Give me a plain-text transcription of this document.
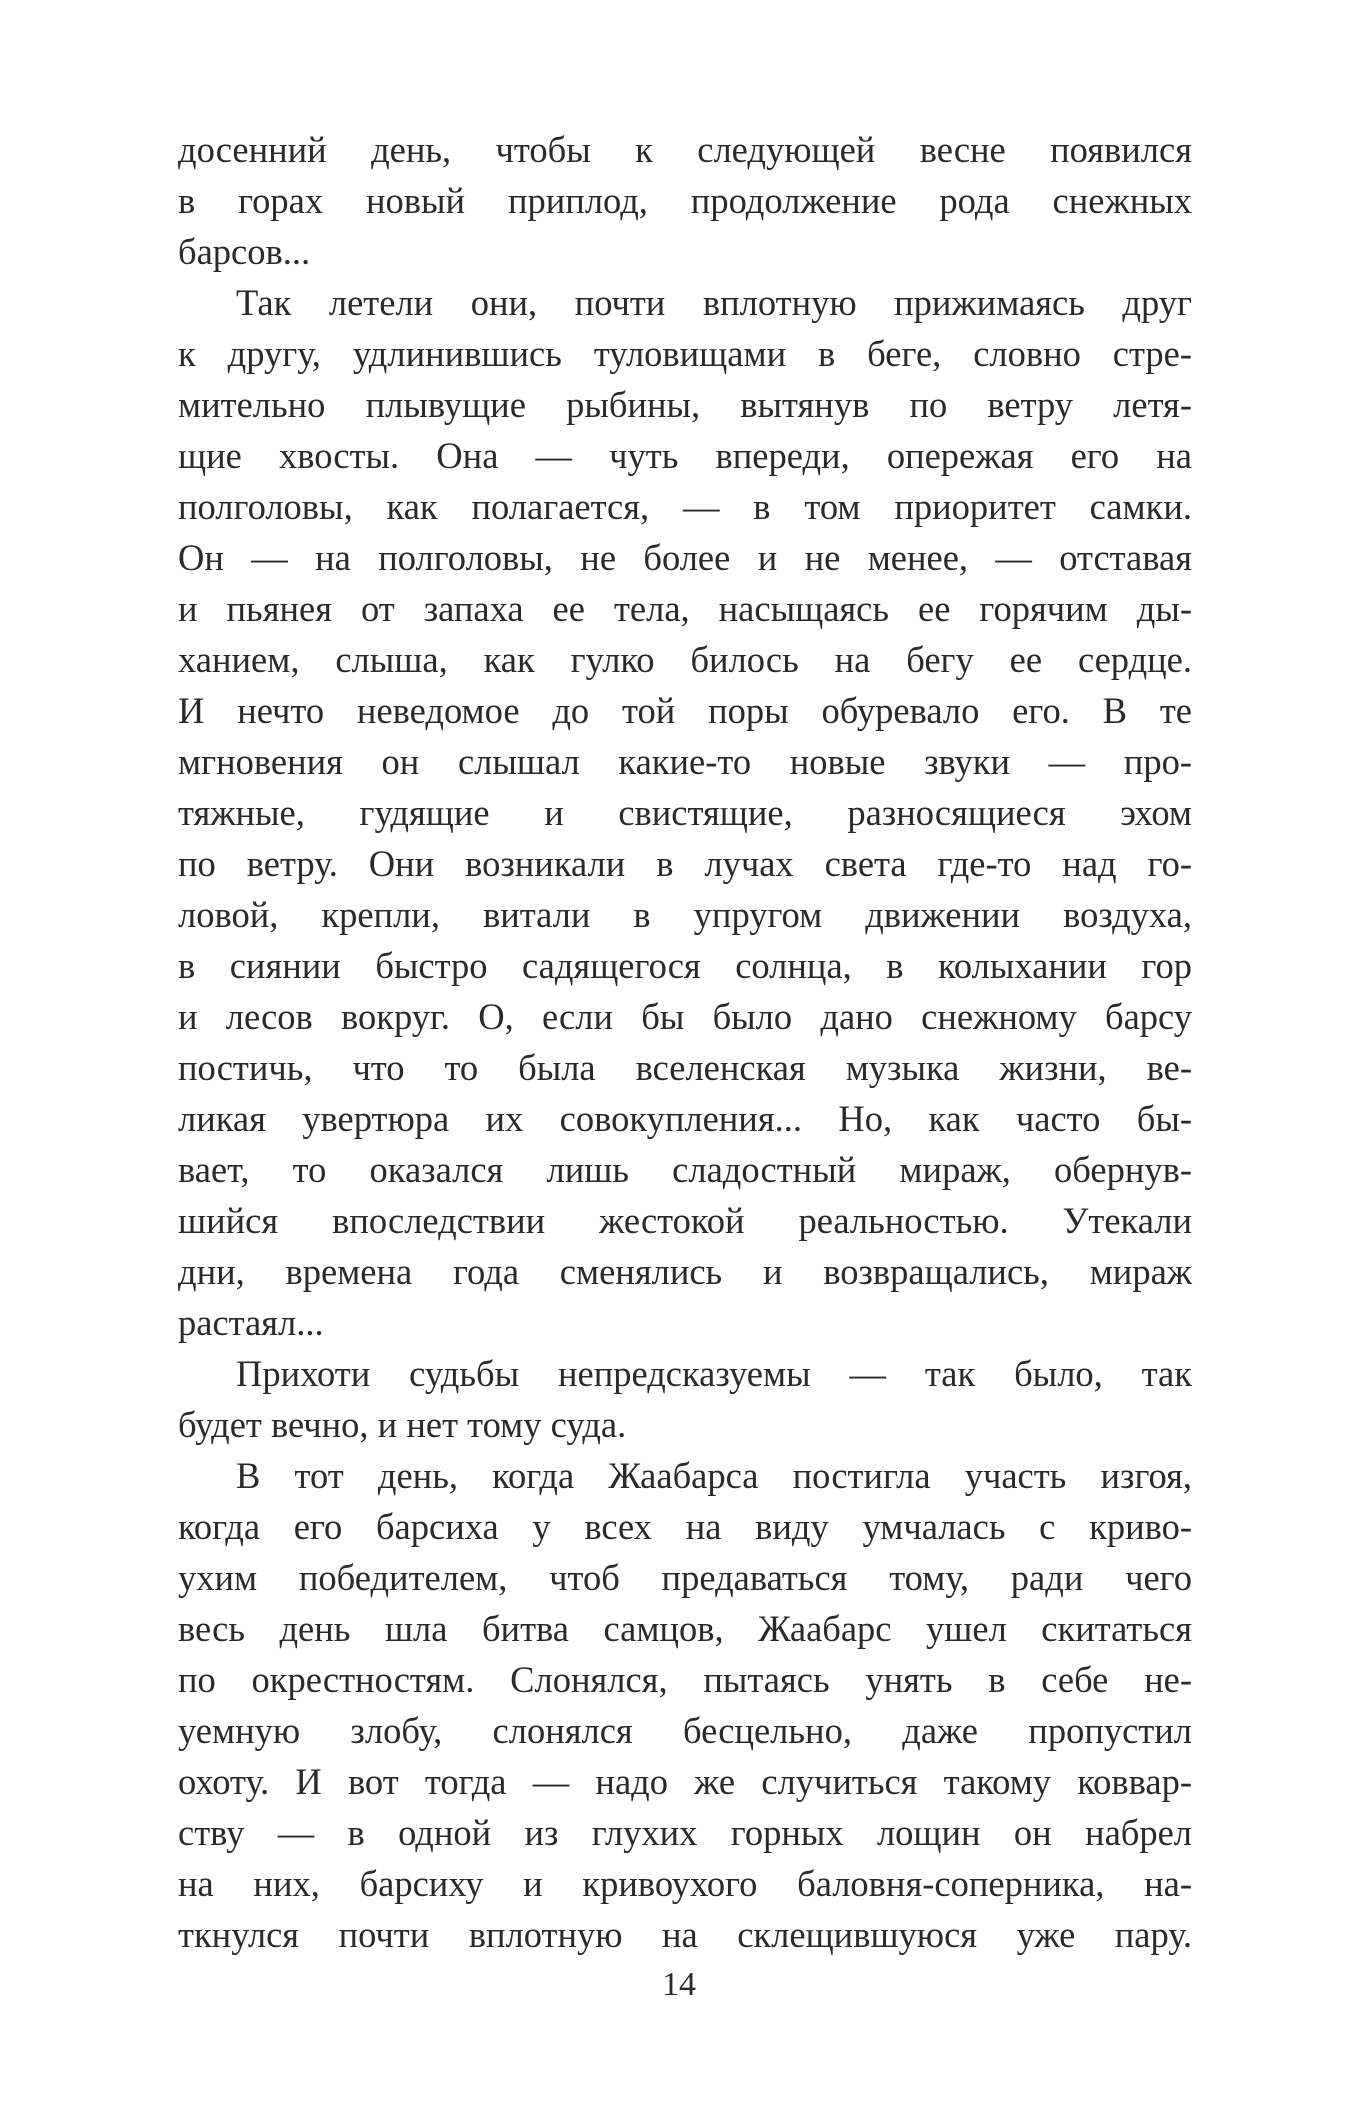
досенний день, чтобы к следующей весне появился
в горах новый приплод, продолжение рода снежных
барсов...
Так летели они, почти вплотную прижимаясь друг
к другу, удлинившись туловищами в беге, словно стре-
мительно плывущие рыбины, вытянув по ветру летя-
щие хвосты. Она — чуть впереди, опережая его на
полголовы, как полагается, — в том приоритет самки.
Он — на полголовы, не более и не менее, — отставая
и пьянея от запаха ее тела, насыщаясь ее горячим ды-
ханием, слыша, как гулко билось на бегу ее сердце.
И нечто неведомое до той поры обуревало его. В те
мгновения он слышал какие-то новые звуки — про-
тяжные, гудящие и свистящие, разносящиеся эхом
по ветру. Они возникали в лучах света где-то над го-
ловой, крепли, витали в упругом движении воздуха,
в сиянии быстро садящегося солнца, в колыхании гор
и лесов вокруг. О, если бы было дано снежному барсу
постичь, что то была вселенская музыка жизни, ве-
ликая увертюра их совокупления... Но, как часто бы-
вает, то оказался лишь сладостный мираж, обернув-
шийся впоследствии жестокой реальностью. Утекали
дни, времена года сменялись и возвращались, мираж
растаял...
Прихоти судьбы непредсказуемы — так было, так
будет вечно, и нет тому суда.
В тот день, когда Жаабарса постигла участь изгоя,
когда его барсиха у всех на виду умчалась с криво-
ухим победителем, чтоб предаваться тому, ради чего
весь день шла битва самцов, Жаабарс ушел скитаться
по окрестностям. Слонялся, пытаясь унять в себе не-
уемную злобу, слонялся бесцельно, даже пропустил
охоту. И вот тогда — надо же случиться такому коввар-
ству — в одной из глухих горных лощин он набрел
на них, барсиху и кривоухого баловня-соперника, на-
ткнулся почти вплотную на склещившуюся уже пару.
14
